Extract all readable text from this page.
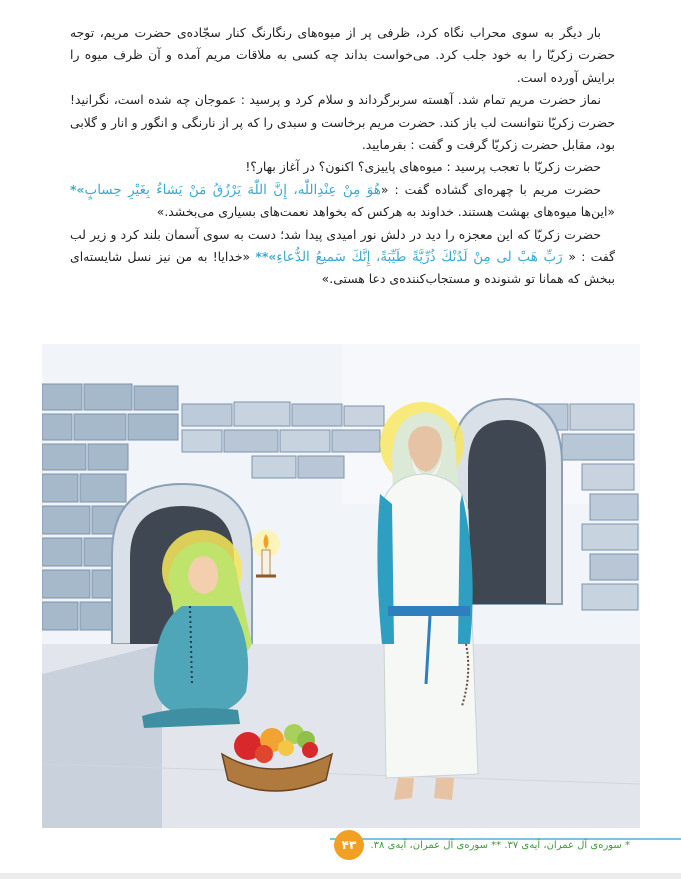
بار دیگر به سوی محراب نگاه کرد، ظرفی پر از میوه‌های رنگارنگ کنار سجّاده‌ی حضرت مریم، توجه حضرت زکریّا را به خود جلب کرد. می‌خواست بداند چه کسی به ملاقات مریم آمده و آن ظرف میوه را برایش آورده است.

نماز حضرت مریم تمام شد. آهسته سربرگرداند و سلام کرد و پرسید : عموجان چه شده است، نگرانید! حضرت زکریّا نتوانست لب باز کند. حضرت مریم برخاست و سبدی را که پر از نارنگی و انگور و انار و گلابی بود، مقابل حضرت زکریّا گرفت و گفت : بفرمایید.

حضرت زکریّا با تعجب پرسید : میوه‌های پاییزی؟ اکنون؟ در آغاز بهار؟!

حضرت مریم با چهره‌ای گشاده گفت : «هُوَ مِنْ عِنْدِاللّٰه، إِنَّ اللّٰهَ يَرْزُقُ مَنْ يَشاءُ بِغَيْرِ حِسابٍ»* «این‌ها میوه‌های بهشت هستند. خداوند به هرکس که بخواهد نعمت‌های بسیاری می‌بخشد.»

حضرت زکریّا که این معجزه را دید در دلش نور امیدی پیدا شد؛ دست به سوی آسمان بلند کرد و زیر لب گفت : « رَبِّ هَبْ لى مِنْ لَدُنْكَ ذُرِّيَّةً طَيِّبَةً، إِنَّكَ سَميعُ الدُّعاءِ»** «خدایا! به من نیز نسل شایسته‌ای ببخش که همانا تو شنونده و مستجاب‌کننده‌ی دعا هستی.»

* سوره‌ی آل عمران، آیه‌ی ۳۷. ** سوره‌ی آل عمران، آیه‌ی ۳۸.
۴۳
